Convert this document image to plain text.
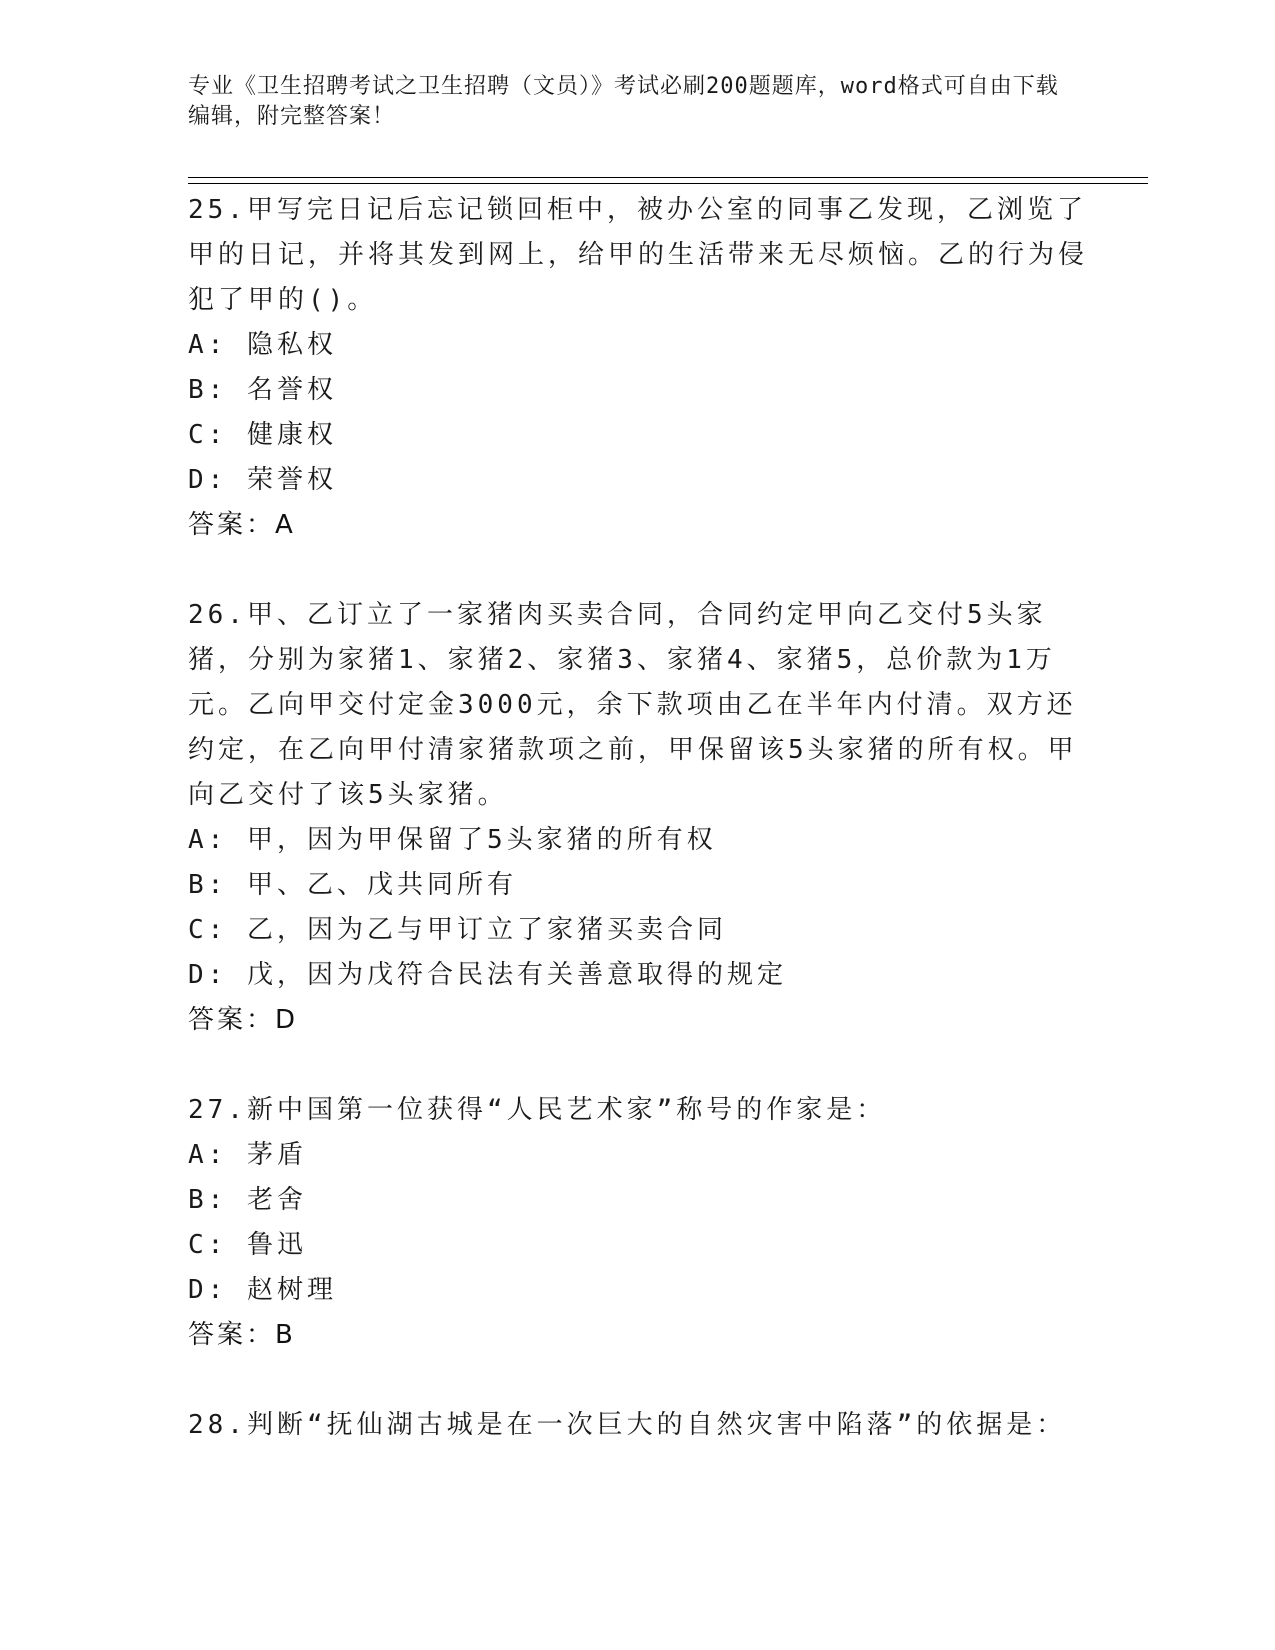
专业《卫生招聘考试之卫生招聘（文员）》考试必刷200题题库，word格式可自由下载编辑，附完整答案！

25.甲写完日记后忘记锁回柜中，被办公室的同事乙发现，乙浏览了甲的日记，并将其发到网上，给甲的生活带来无尽烦恼。乙的行为侵犯了甲的()。

A: 隐私权

B: 名誉权

C: 健康权

D: 荣誉权

答案：A

26.甲、乙订立了一家猪肉买卖合同，合同约定甲向乙交付5头家猪，分别为家猪1、家猪2、家猪3、家猪4、家猪5，总价款为1万元。乙向甲交付定金3000元，余下款项由乙在半年内付清。双方还约定，在乙向甲付清家猪款项之前，甲保留该5头家猪的所有权。甲向乙交付了该5头家猪。

A: 甲，因为甲保留了5头家猪的所有权

B: 甲、乙、戊共同所有

C: 乙，因为乙与甲订立了家猪买卖合同

D: 戊，因为戊符合民法有关善意取得的规定

答案：D

27.新中国第一位获得“人民艺术家”称号的作家是：

A: 茅盾

B: 老舍

C: 鲁迅

D: 赵树理

答案：B

28.判断“抚仙湖古城是在一次巨大的自然灾害中陷落”的依据是：
